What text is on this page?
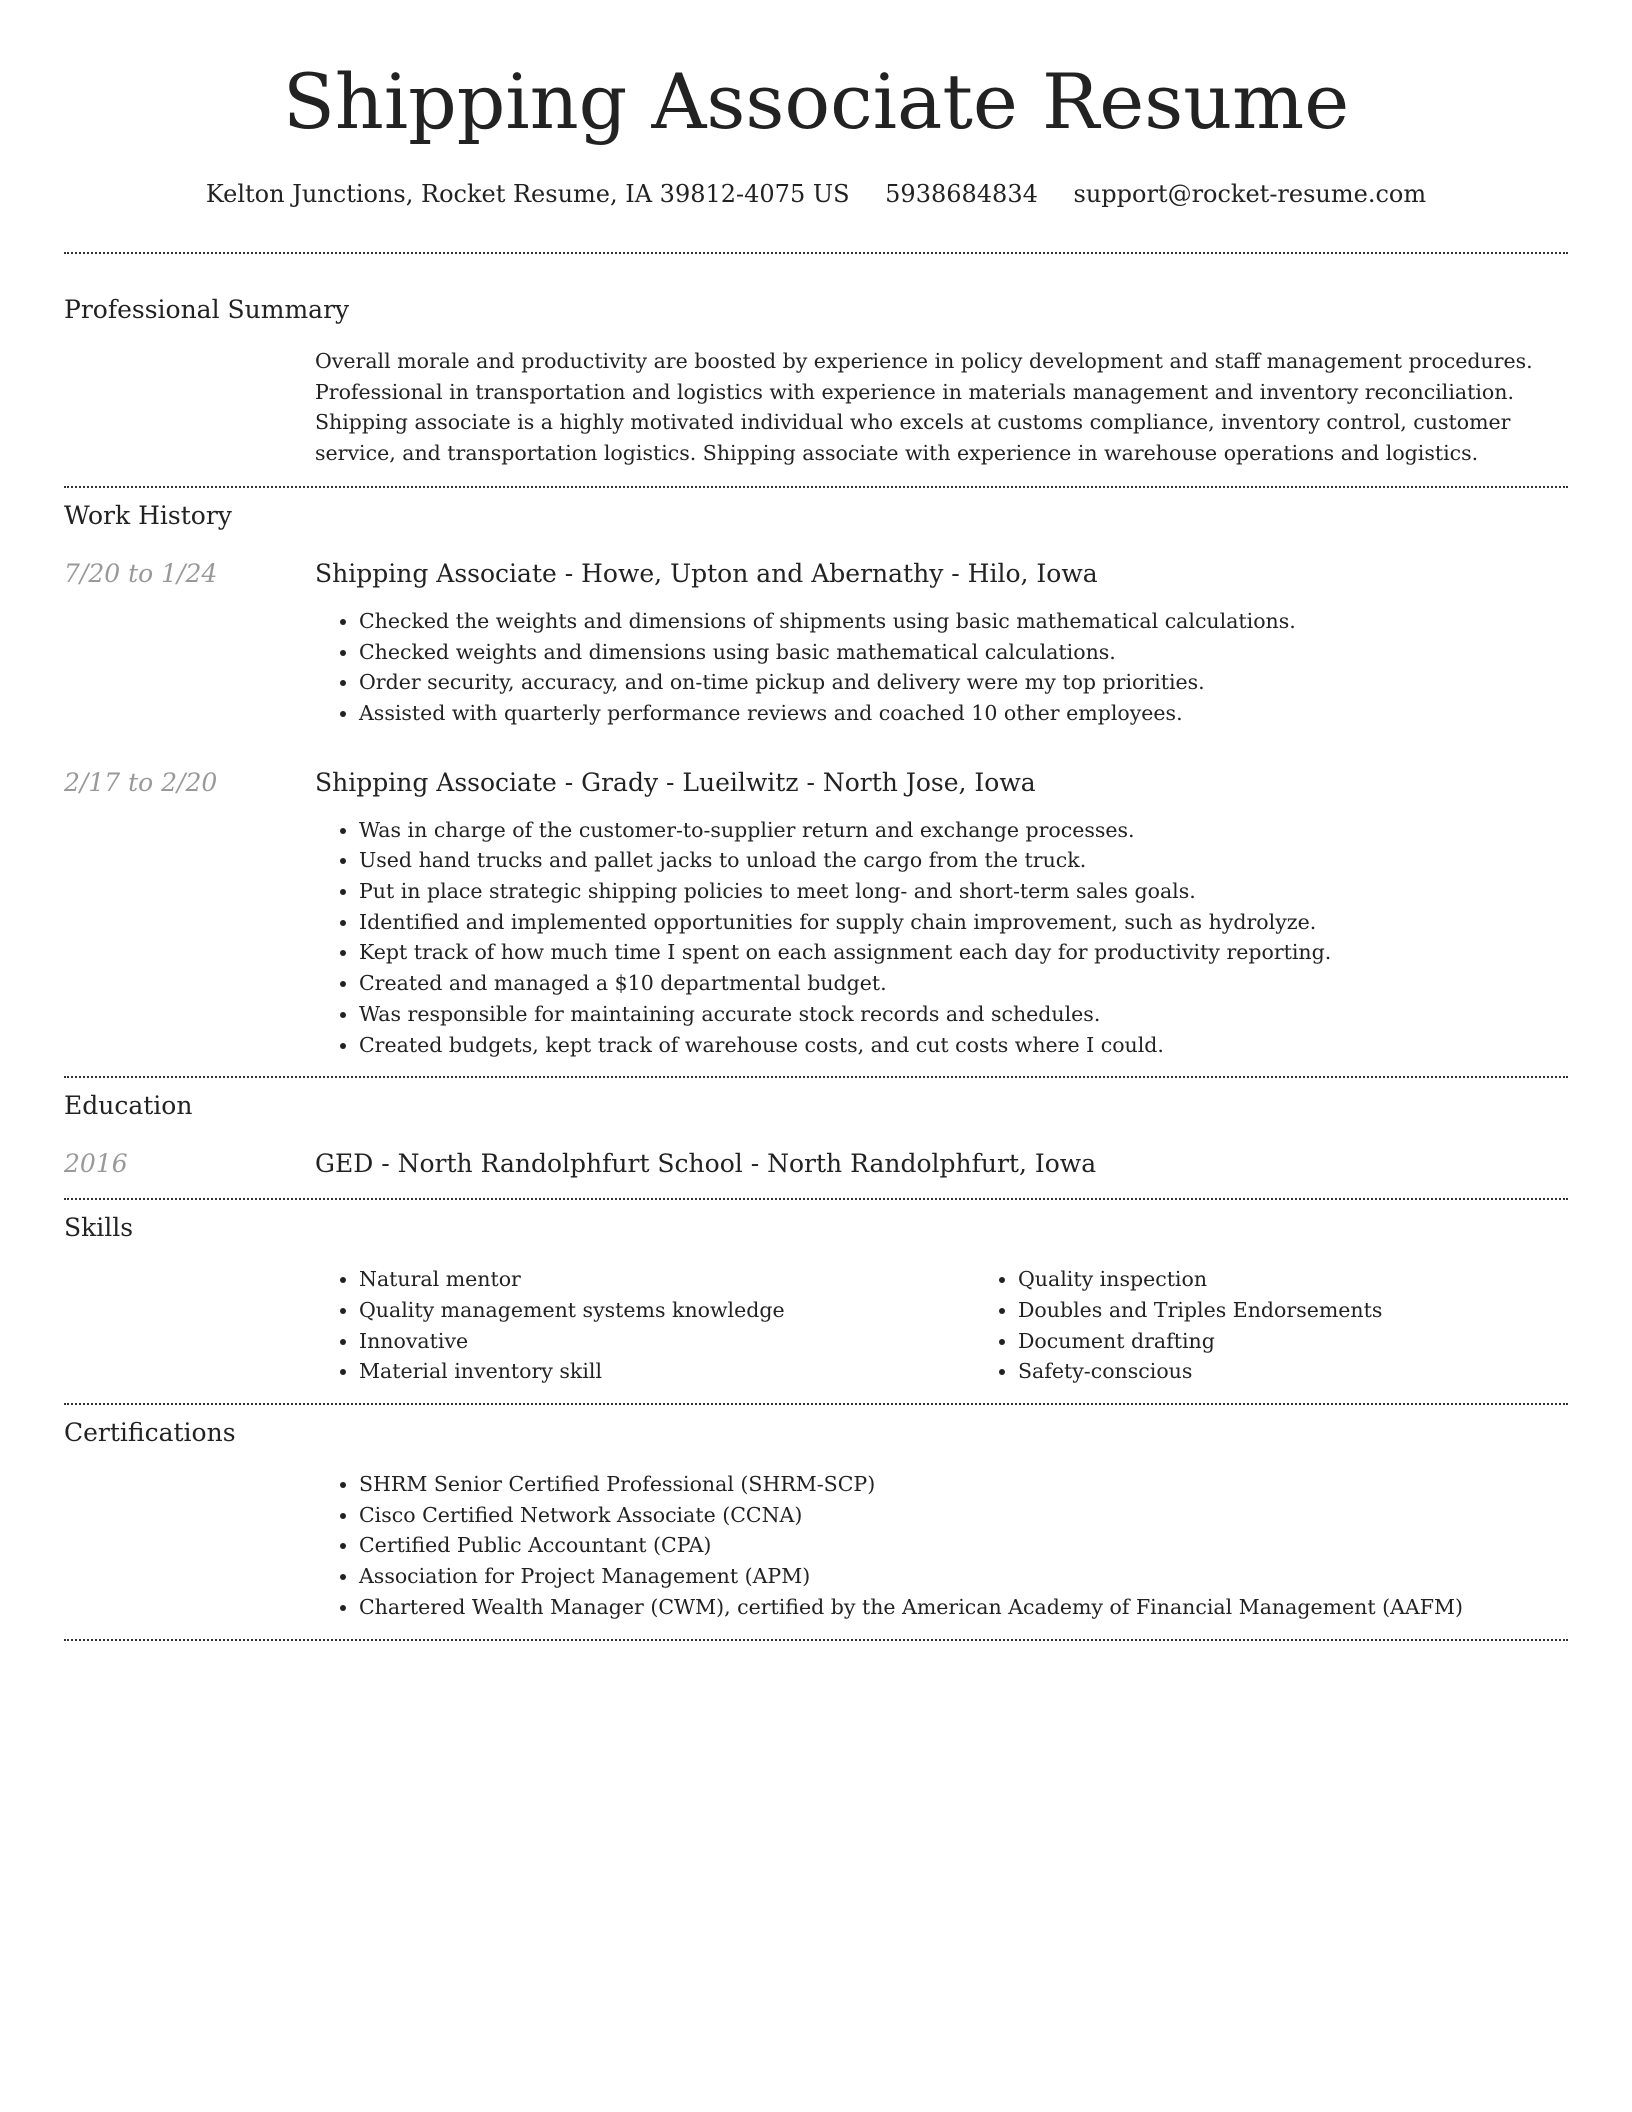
Shipping Associate Resume
Kelton Junctions, Rocket Resume, IA 39812-4075 US 5938684834 support@rocket-resume.com
Professional Summary
Overall morale and productivity are boosted by experience in policy development and staff management procedures. Professional in transportation and logistics with experience in materials management and inventory reconciliation. Shipping associate is a highly motivated individual who excels at customs compliance, inventory control, customer service, and transportation logistics. Shipping associate with experience in warehouse operations and logistics.
Work History
7/20 to 1/24	Shipping Associate - Howe, Upton and Abernathy - Hilo, Iowa
• Checked the weights and dimensions of shipments using basic mathematical calculations.
• Checked weights and dimensions using basic mathematical calculations.
• Order security, accuracy, and on-time pickup and delivery were my top priorities.
• Assisted with quarterly performance reviews and coached 10 other employees.
2/17 to 2/20	Shipping Associate - Grady - Lueilwitz - North Jose, Iowa
• Was in charge of the customer-to-supplier return and exchange processes.
• Used hand trucks and pallet jacks to unload the cargo from the truck.
• Put in place strategic shipping policies to meet long- and short-term sales goals.
• Identified and implemented opportunities for supply chain improvement, such as hydrolyze.
• Kept track of how much time I spent on each assignment each day for productivity reporting.
• Created and managed a $10 departmental budget.
• Was responsible for maintaining accurate stock records and schedules.
• Created budgets, kept track of warehouse costs, and cut costs where I could.
Education
2016	GED - North Randolphfurt School - North Randolphfurt, Iowa
Skills
• Natural mentor
• Quality management systems knowledge
• Innovative
• Material inventory skill
• Quality inspection
• Doubles and Triples Endorsements
• Document drafting
• Safety-conscious
Certifications
• SHRM Senior Certified Professional (SHRM-SCP)
• Cisco Certified Network Associate (CCNA)
• Certified Public Accountant (CPA)
• Association for Project Management (APM)
• Chartered Wealth Manager (CWM), certified by the American Academy of Financial Management (AAFM)
